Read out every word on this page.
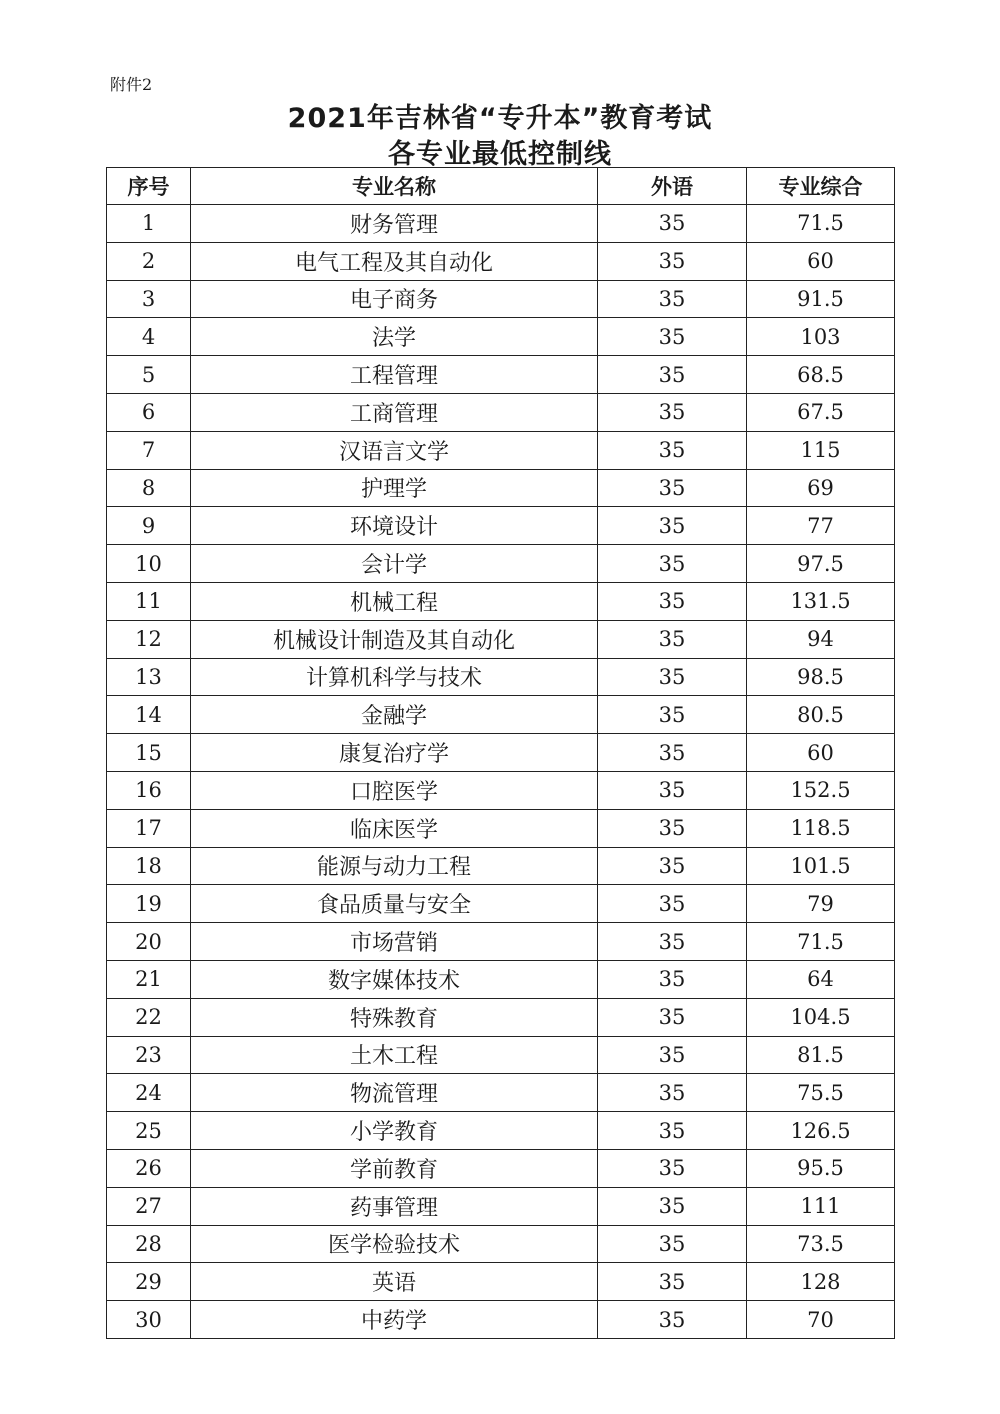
附件2
2021年吉林省“专升本”教育考试
各专业最低控制线
序号	专业名称	外语	专业综合
1	财务管理	35	71.5
2	电气工程及其自动化	35	60
3	电子商务	35	91.5
4	法学	35	103
5	工程管理	35	68.5
6	工商管理	35	67.5
7	汉语言文学	35	115
8	护理学	35	69
9	环境设计	35	77
10	会计学	35	97.5
11	机械工程	35	131.5
12	机械设计制造及其自动化	35	94
13	计算机科学与技术	35	98.5
14	金融学	35	80.5
15	康复治疗学	35	60
16	口腔医学	35	152.5
17	临床医学	35	118.5
18	能源与动力工程	35	101.5
19	食品质量与安全	35	79
20	市场营销	35	71.5
21	数字媒体技术	35	64
22	特殊教育	35	104.5
23	土木工程	35	81.5
24	物流管理	35	75.5
25	小学教育	35	126.5
26	学前教育	35	95.5
27	药事管理	35	111
28	医学检验技术	35	73.5
29	英语	35	128
30	中药学	35	70
